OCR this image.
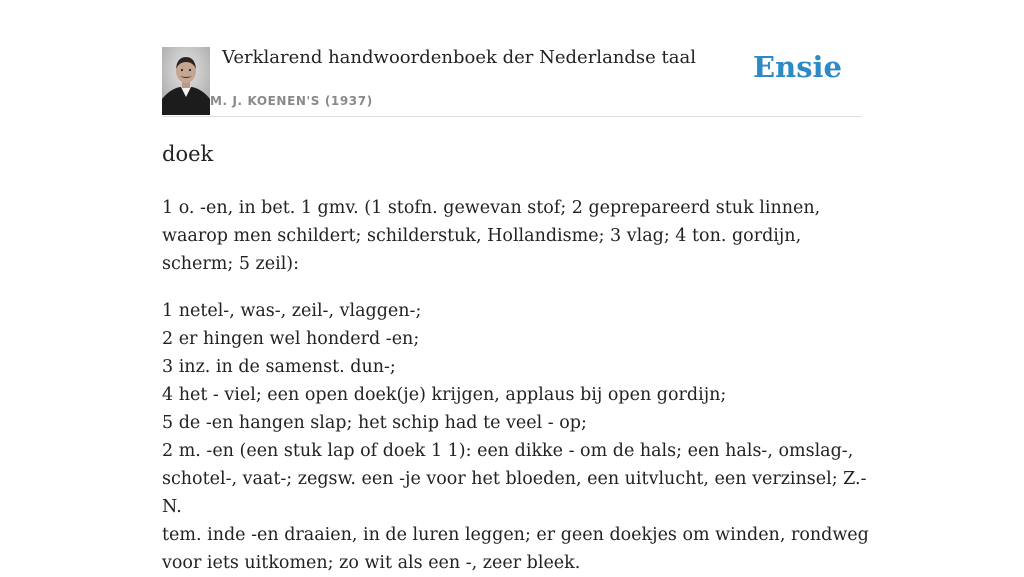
Verklarend handwoordenboek der Nederlandse taal
M. J. KOENEN'S (1937)
Ensie
doek

1 o. -en, in bet. 1 gmv. (1 stofn. gewevan stof; 2 geprepareerd stuk linnen, waarop men schildert; schilderstuk, Hollandisme; 3 vlag; 4 ton. gordijn, scherm; 5 zeil):

1 netel-, was-, zeil-, vlaggen-;
2 er hingen wel honderd -en;
3 inz. in de samenst. dun-;
4 het - viel; een open doek(je) krijgen, applaus bij open gordijn;
5 de -en hangen slap; het schip had te veel - op;
2 m. -en (een stuk lap of doek 1 1): een dikke - om de hals; een hals-, omslag-,
schotel-, vaat-; zegsw. een -je voor het bloeden, een uitvlucht, een verzinsel; Z.-N.
tem. inde -en draaien, in de luren leggen; er geen doekjes om winden, rondweg
voor iets uitkomen; zo wit als een -, zeer bleek.
